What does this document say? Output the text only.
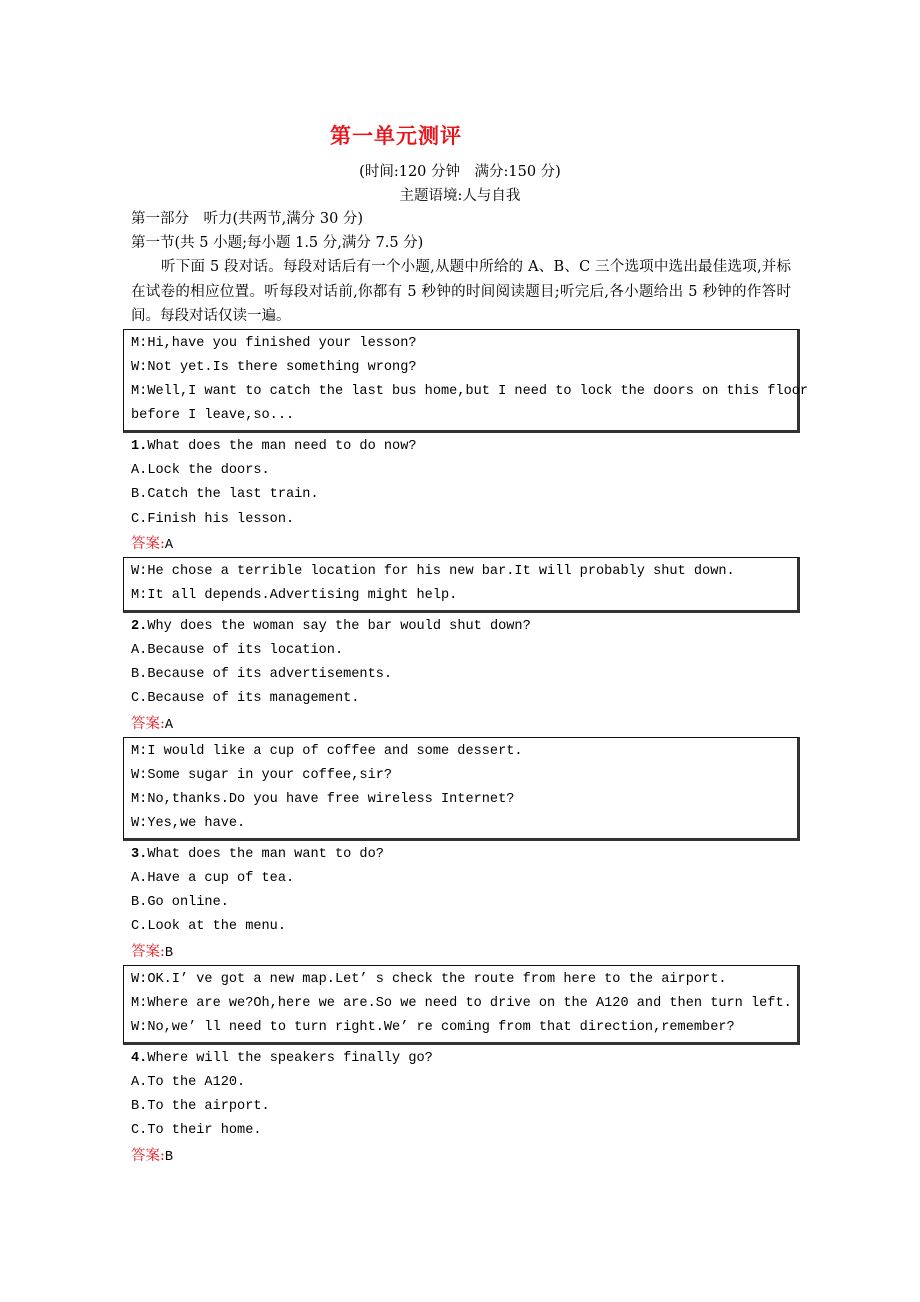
第一单元测评
(时间:120 分钟　满分:150 分)
主题语境:人与自我
第一部分　听力(共两节,满分 30 分)
第一节(共 5 小题;每小题 1.5 分,满分 7.5 分)
听下面 5 段对话。每段对话后有一个小题,从题中所给的 A、B、C 三个选项中选出最佳选项,并标在试卷的相应位置。听每段对话前,你都有 5 秒钟的时间阅读题目;听完后,各小题给出 5 秒钟的作答时间。每段对话仅读一遍。
M:Hi,have you finished your lesson?
W:Not yet.Is there something wrong?
M:Well,I want to catch the last bus home,but I need to lock the doors on this floor
before I leave,so...
1.What does the man need to do now?
A.Lock the doors.
B.Catch the last train.
C.Finish his lesson.
答案:A
W:He chose a terrible location for his new bar.It will probably shut down.
M:It all depends.Advertising might help.
2.Why does the woman say the bar would shut down?
A.Because of its location.
B.Because of its advertisements.
C.Because of its management.
答案:A
M:I would like a cup of coffee and some dessert.
W:Some sugar in your coffee,sir?
M:No,thanks.Do you have free wireless Internet?
W:Yes,we have.
3.What does the man want to do?
A.Have a cup of tea.
B.Go online.
C.Look at the menu.
答案:B
W:OK.I’ ve got a new map.Let’ s check the route from here to the airport.
M:Where are we?Oh,here we are.So we need to drive on the A120 and then turn left.
W:No,we’ ll need to turn right.We’ re coming from that direction,remember?
4.Where will the speakers finally go?
A.To the A120.
B.To the airport.
C.To their home.
答案:B
